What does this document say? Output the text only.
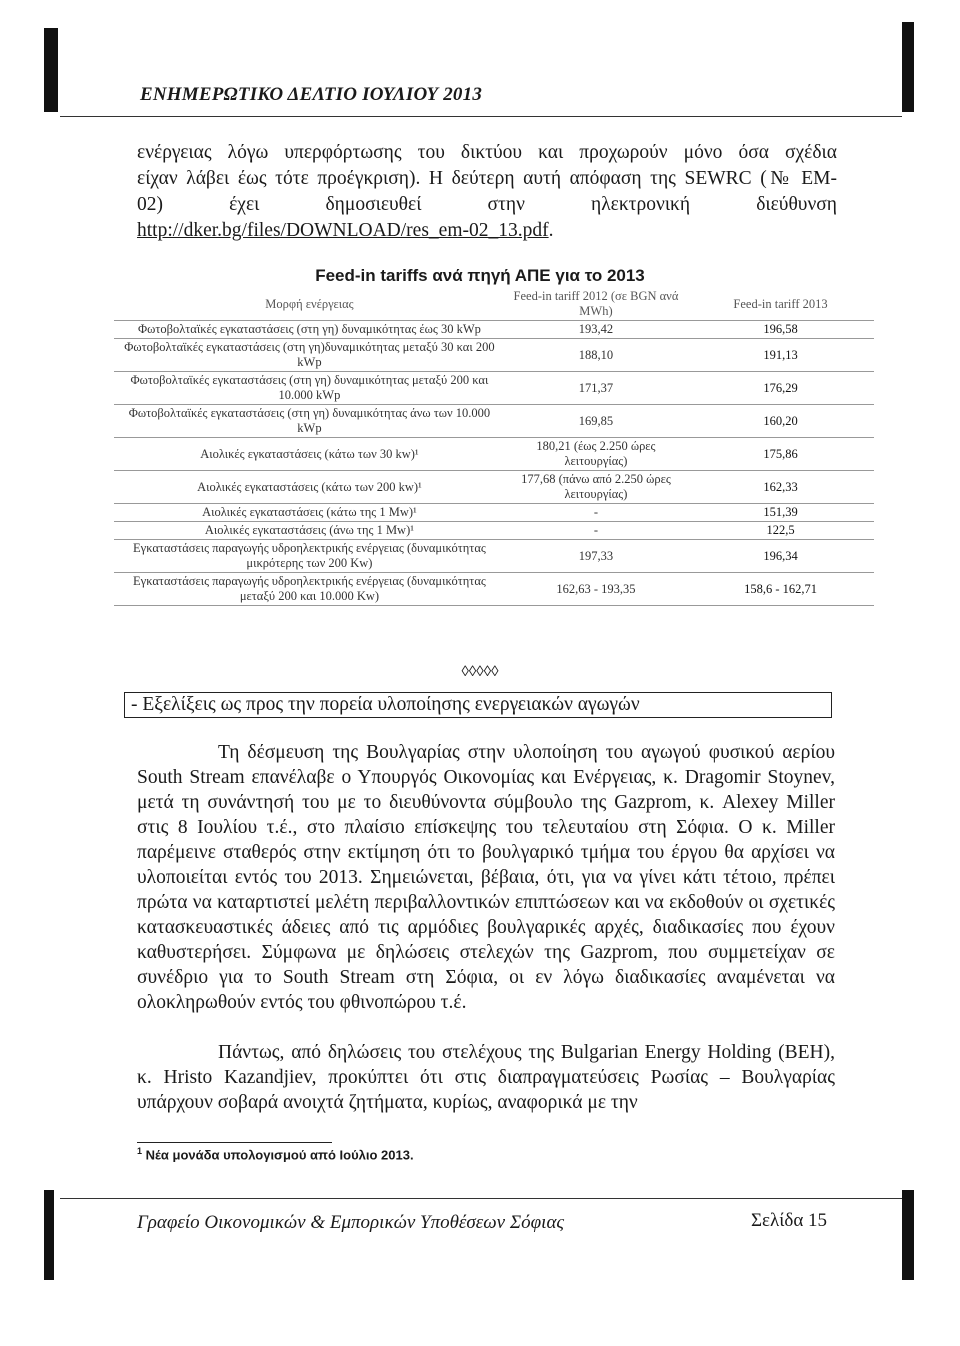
ΕΝΗΜΕΡΩΤΙΚΟ ΔΕΛΤΙΟ ΙΟΥΛΙΟΥ 2013
ενέργειας λόγω υπερφόρτωσης του δικτύου και προχωρούν μόνο όσα σχέδια
είχαν λάβει έως τότε προέγκριση). Η δεύτερη αυτή απόφαση της SEWRC (№ ΕΜ-
02) έχει δημοσιευθεί στην ηλεκτρονική διεύθυνση
http://dker.bg/files/DOWNLOAD/res_em-02_13.pdf.
Feed-in tariffs ανά πηγή ΑΠΕ για το 2013
Μορφή ενέργειας	Feed-in tariff 2012 (σε BGN ανά MWh)	Feed-in tariff 2013
Φωτοβολταϊκές εγκαταστάσεις (στη γη) δυναμικότητας έως 30 kWp	193,42	196,58
Φωτοβολταϊκές εγκαταστάσεις (στη γη)δυναμικότητας μεταξύ 30 και 200 kWp	188,10	191,13
Φωτοβολταϊκές εγκαταστάσεις (στη γη) δυναμικότητας μεταξύ 200 και 10.000 kWp	171,37	176,29
Φωτοβολταϊκές εγκαταστάσεις (στη γη) δυναμικότητας άνω των 10.000 kWp	169,85	160,20
Αιολικές εγκαταστάσεις (κάτω των 30 kw)¹	180,21 (έως 2.250 ώρες λειτουργίας)	175,86
Αιολικές εγκαταστάσεις (κάτω των 200 kw)¹	177,68 (πάνω από 2.250 ώρες λειτουργίας)	162,33
Αιολικές εγκαταστάσεις (κάτω της 1 Mw)¹	-	151,39
Αιολικές εγκαταστάσεις (άνω της 1 Mw)¹	-	122,5
Εγκαταστάσεις παραγωγής υδροηλεκτρικής ενέργειας (δυναμικότητας μικρότερης των 200 Kw)	197,33	196,34
Εγκαταστάσεις παραγωγής υδροηλεκτρικής ενέργειας (δυναμικότητας μεταξύ 200 και 10.000 Kw)	162,63 - 193,35	158,6 - 162,71
◊◊◊◊◊
- Εξελίξεις ως προς την πορεία υλοποίησης ενεργειακών αγωγών

Τη δέσμευση της Βουλγαρίας στην υλοποίηση του αγωγού φυσικού αερίου South Stream επανέλαβε ο Υπουργός Οικονομίας και Ενέργειας, κ. Dragomir Stoynev, μετά τη συνάντησή του με το διευθύνοντα σύμβουλο της Gazprom, κ. Alexey Miller στις 8 Ιουλίου τ.έ., στο πλαίσιο επίσκεψης του τελευταίου στη Σόφια. Ο κ. Miller παρέμεινε σταθερός στην εκτίμηση ότι το βουλγαρικό τμήμα του έργου θα αρχίσει να υλοποιείται εντός του 2013. Σημειώνεται, βέβαια, ότι, για να γίνει κάτι τέτοιο, πρέπει πρώτα να καταρτιστεί μελέτη περιβαλλοντικών επιπτώσεων και να εκδοθούν οι σχετικές κατασκευαστικές άδειες από τις αρμόδιες βουλγαρικές αρχές, διαδικασίες που έχουν καθυστερήσει. Σύμφωνα με δηλώσεις στελεχών της Gazprom, που συμμετείχαν σε συνέδριο για το South Stream στη Σόφια, οι εν λόγω διαδικασίες αναμένεται να ολοκληρωθούν εντός του φθινοπώρου τ.έ.

Πάντως, από δηλώσεις του στελέχους της Bulgarian Energy Holding (BEH), κ. Hristo Kazandjiev, προκύπτει ότι στις διαπραγματεύσεις Ρωσίας – Βουλγαρίας υπάρχουν σοβαρά ανοιχτά ζητήματα, κυρίως, αναφορικά με την

$^1$ Νέα μονάδα υπολογισμού από Ιούλιο 2013.
Γραφείο Οικονομικών & Εμπορικών Υποθέσεων Σόφιας	Σελίδα 15
